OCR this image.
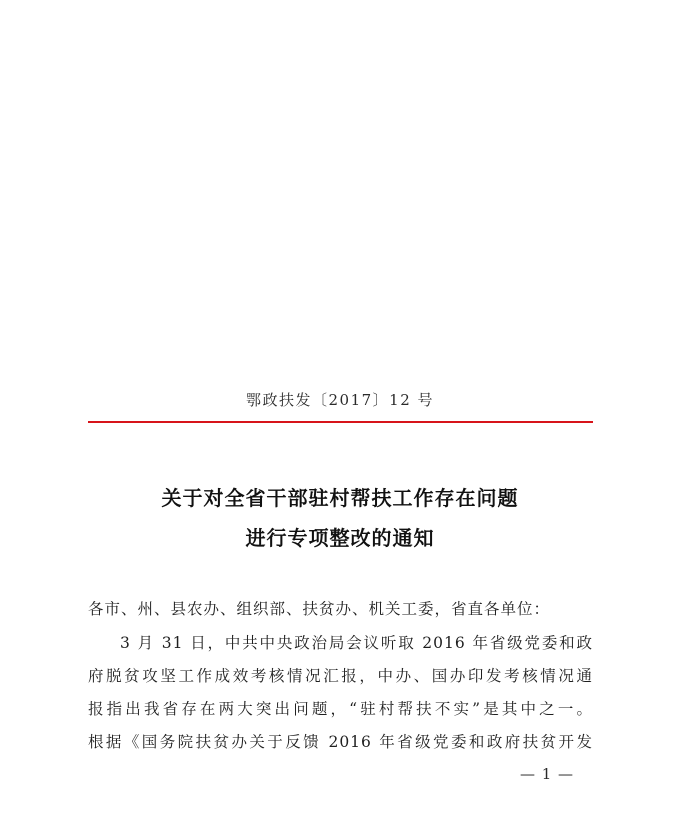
鄂政扶发〔2017〕12 号
关于对全省干部驻村帮扶工作存在问题
进行专项整改的通知
各市、州、县农办、组织部、扶贫办、机关工委，省直各单位：
3 月 31 日，中共中央政治局会议听取 2016 年省级党委和政
府脱贫攻坚工作成效考核情况汇报，中办、国办印发考核情况通
报指出我省存在两大突出问题，“驻村帮扶不实”是其中之一。
根据《国务院扶贫办关于反馈 2016 年省级党委和政府扶贫开发
— 1 —
